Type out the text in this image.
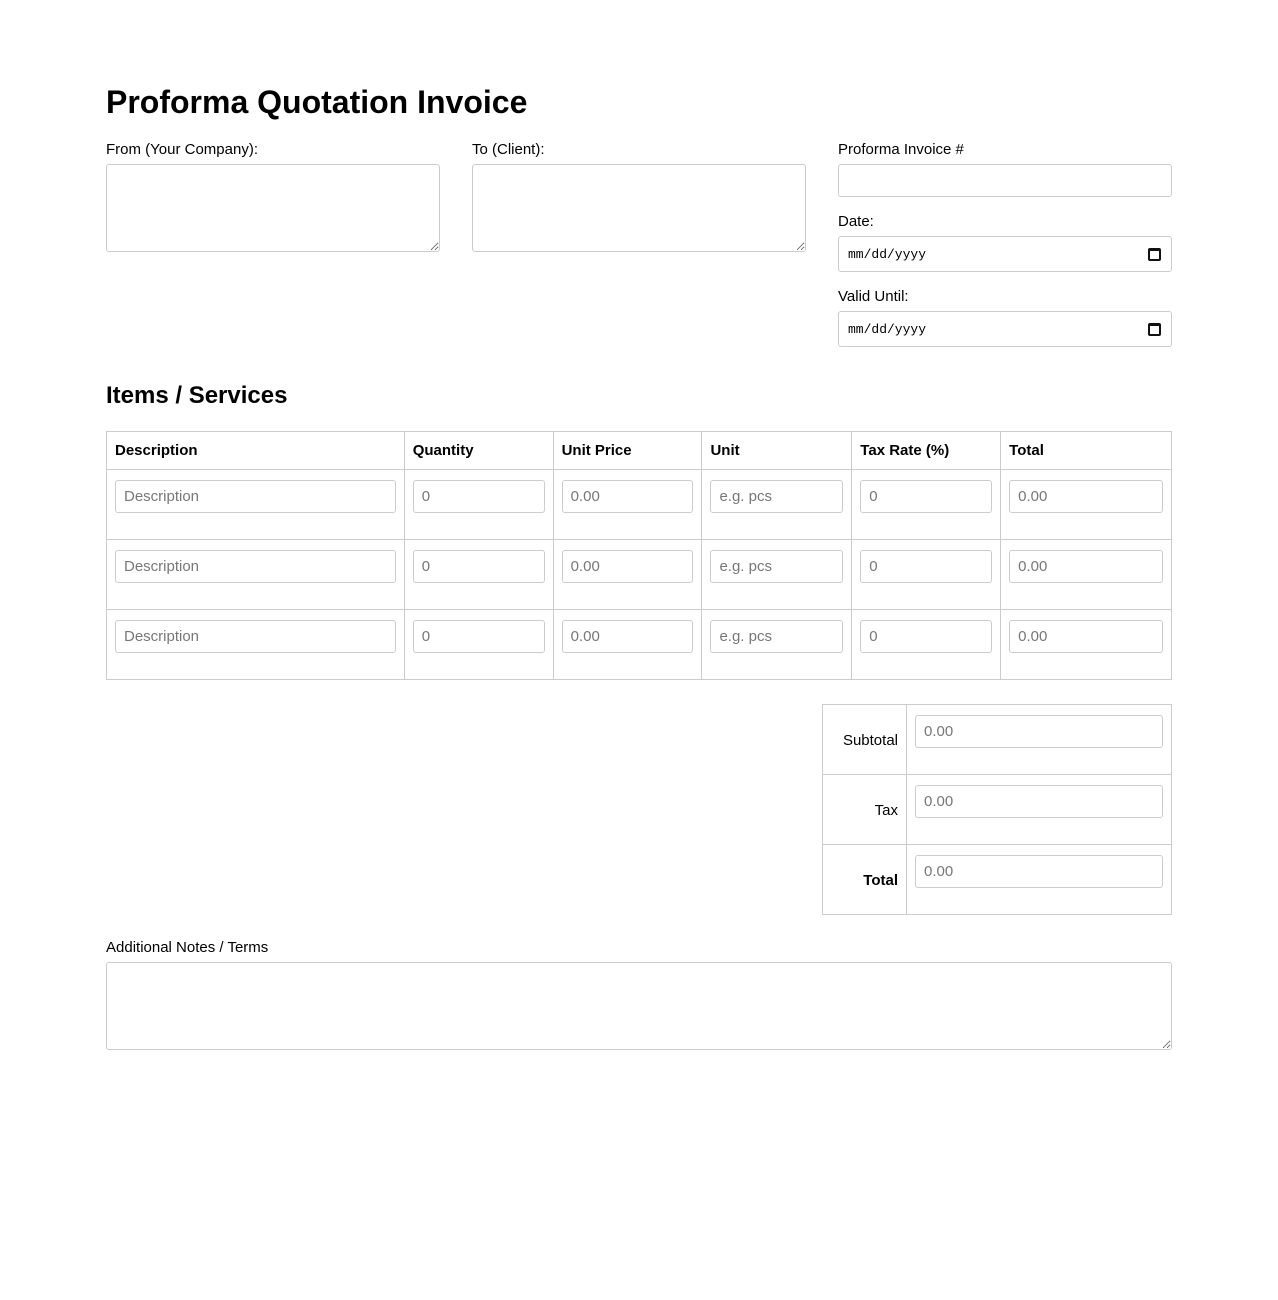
Proforma Quotation Invoice
From (Your Company):	To (Client):	Proforma Invoice #
Date:
mm/dd/yyyy
Valid Until:
mm/dd/yyyy
Items / Services
Description	Quantity	Unit Price	Unit	Tax Rate (%)	Total
Description	0	0.00	e.g. pcs	0	0.00
Description	0	0.00	e.g. pcs	0	0.00
Description	0	0.00	e.g. pcs	0	0.00
Subtotal	0.00
Tax	0.00
Total	0.00
Additional Notes / Terms
